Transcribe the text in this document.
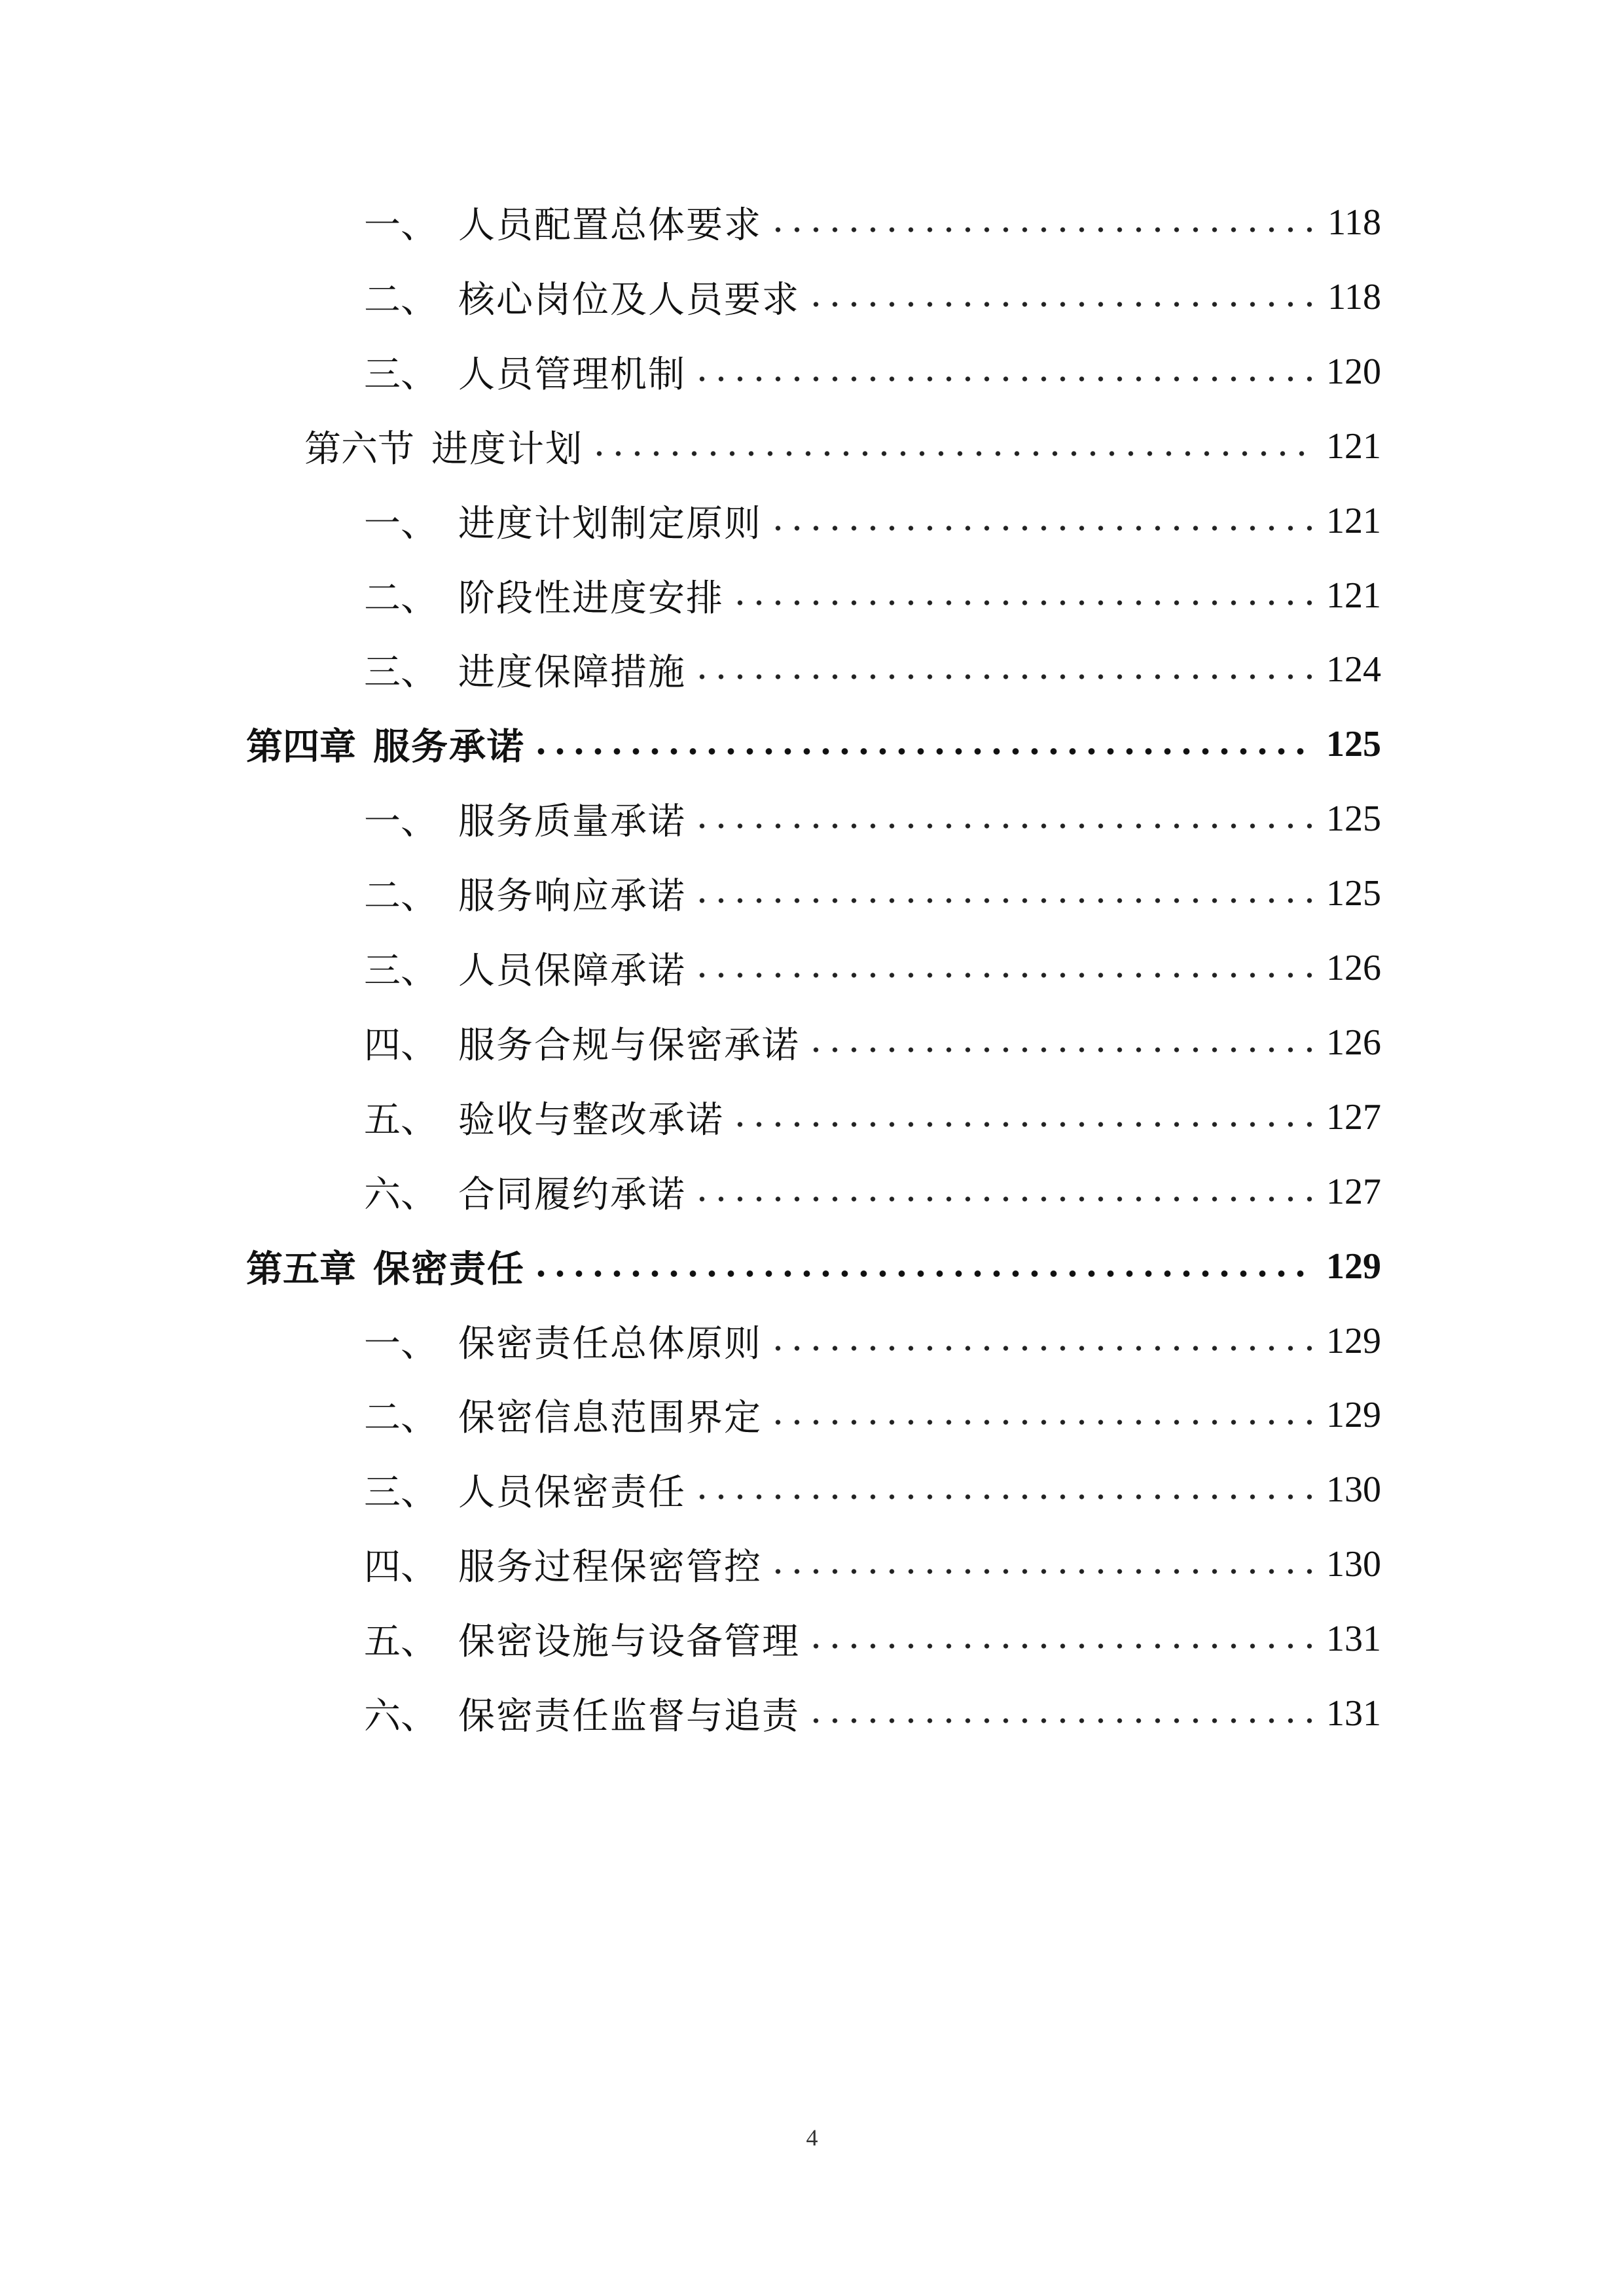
一、 人员配置总体要求	118
二、 核心岗位及人员要求	118
三、 人员管理机制	120
第六节 进度计划	121
一、 进度计划制定原则	121
二、 阶段性进度安排	121
三、 进度保障措施	124
第四章 服务承诺	125
一、 服务质量承诺	125
二、 服务响应承诺	125
三、 人员保障承诺	126
四、 服务合规与保密承诺	126
五、 验收与整改承诺	127
六、 合同履约承诺	127
第五章 保密责任	129
一、 保密责任总体原则	129
二、 保密信息范围界定	129
三、 人员保密责任	130
四、 服务过程保密管控	130
五、 保密设施与设备管理	131
六、 保密责任监督与追责	131
4
